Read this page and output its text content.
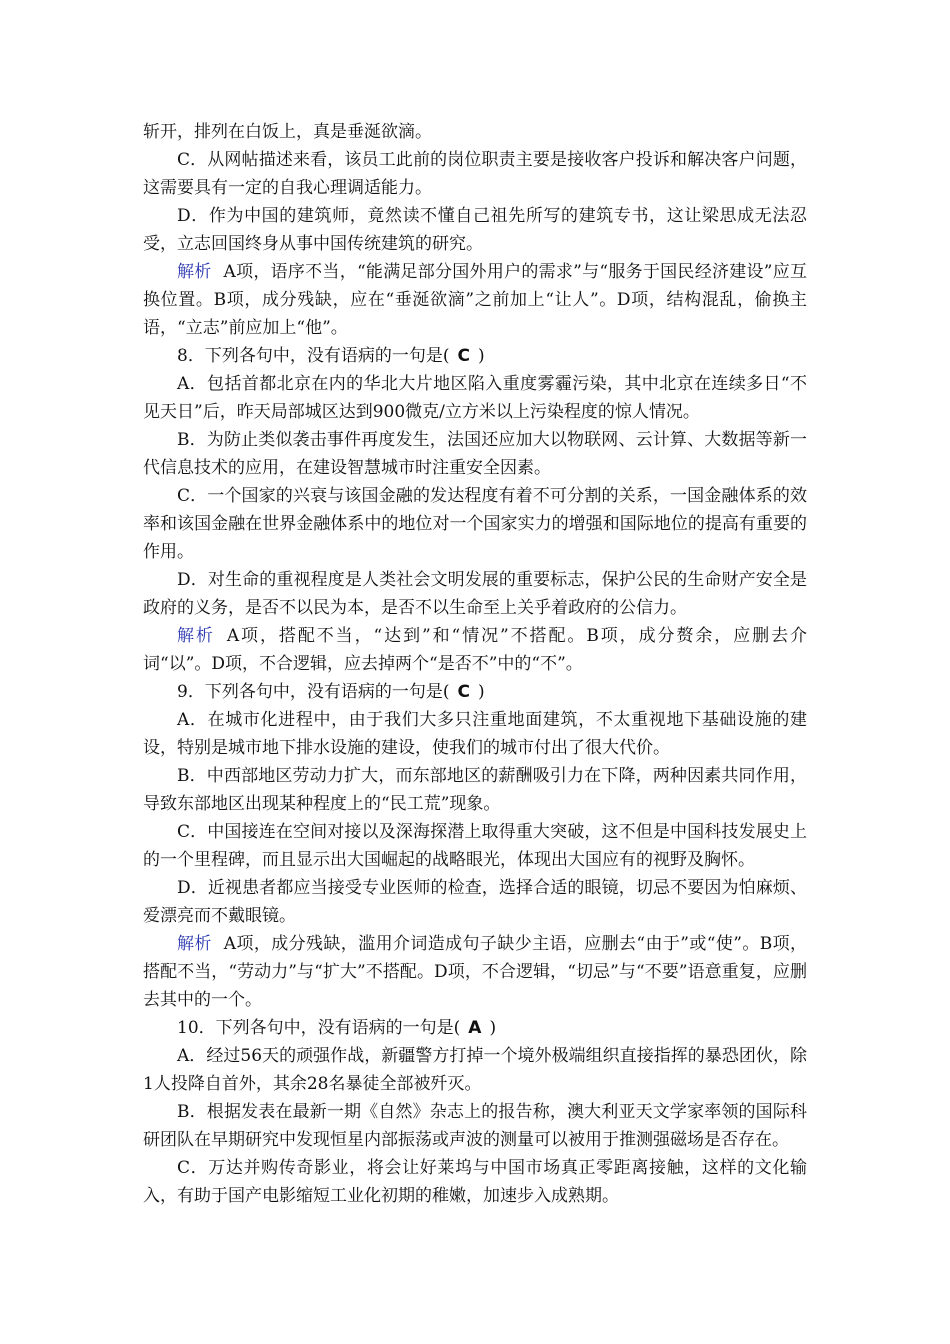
斩开，排列在白饭上，真是垂涎欲滴。

C．从网帖描述来看，该员工此前的岗位职责主要是接收客户投诉和解决客户问题，这需要具有一定的自我心理调适能力。

D．作为中国的建筑师，竟然读不懂自己祖先所写的建筑专书，这让梁思成无法忍受，立志回国终身从事中国传统建筑的研究。

解析 A项，语序不当，“能满足部分国外用户的需求”与“服务于国民经济建设”应互换位置。B项，成分残缺，应在“垂涎欲滴”之前加上“让人”。D项，结构混乱，偷换主语，“立志”前应加上“他”。

8．下列各句中，没有语病的一句是( C )

A．包括首都北京在内的华北大片地区陷入重度雾霾污染，其中北京在连续多日“不见天日”后，昨天局部城区达到900微克/立方米以上污染程度的惊人情况。

B．为防止类似袭击事件再度发生，法国还应加大以物联网、云计算、大数据等新一代信息技术的应用，在建设智慧城市时注重安全因素。

C．一个国家的兴衰与该国金融的发达程度有着不可分割的关系，一国金融体系的效率和该国金融在世界金融体系中的地位对一个国家实力的增强和国际地位的提高有重要的作用。

D．对生命的重视程度是人类社会文明发展的重要标志，保护公民的生命财产安全是政府的义务，是否不以民为本，是否不以生命至上关乎着政府的公信力。

解析 A项，搭配不当，“达到”和“情况”不搭配。B项，成分赘余，应删去介词“以”。D项，不合逻辑，应去掉两个“是否不”中的“不”。

9．下列各句中，没有语病的一句是( C )

A．在城市化进程中，由于我们大多只注重地面建筑，不太重视地下基础设施的建设，特别是城市地下排水设施的建设，使我们的城市付出了很大代价。

B．中西部地区劳动力扩大，而东部地区的薪酬吸引力在下降，两种因素共同作用，导致东部地区出现某种程度上的“民工荒”现象。

C．中国接连在空间对接以及深海探潜上取得重大突破，这不但是中国科技发展史上的一个里程碑，而且显示出大国崛起的战略眼光，体现出大国应有的视野及胸怀。

D．近视患者都应当接受专业医师的检查，选择合适的眼镜，切忌不要因为怕麻烦、爱漂亮而不戴眼镜。

解析 A项，成分残缺，滥用介词造成句子缺少主语，应删去“由于”或“使”。B项，搭配不当，“劳动力”与“扩大”不搭配。D项，不合逻辑，“切忌”与“不要”语意重复，应删去其中的一个。

10．下列各句中，没有语病的一句是( A )

A．经过56天的顽强作战，新疆警方打掉一个境外极端组织直接指挥的暴恐团伙，除1人投降自首外，其余28名暴徒全部被歼灭。

B．根据发表在最新一期《自然》杂志上的报告称，澳大利亚天文学家率领的国际科研团队在早期研究中发现恒星内部振荡或声波的测量可以被用于推测强磁场是否存在。

C．万达并购传奇影业，将会让好莱坞与中国市场真正零距离接触，这样的文化输入，有助于国产电影缩短工业化初期的稚嫩，加速步入成熟期。
